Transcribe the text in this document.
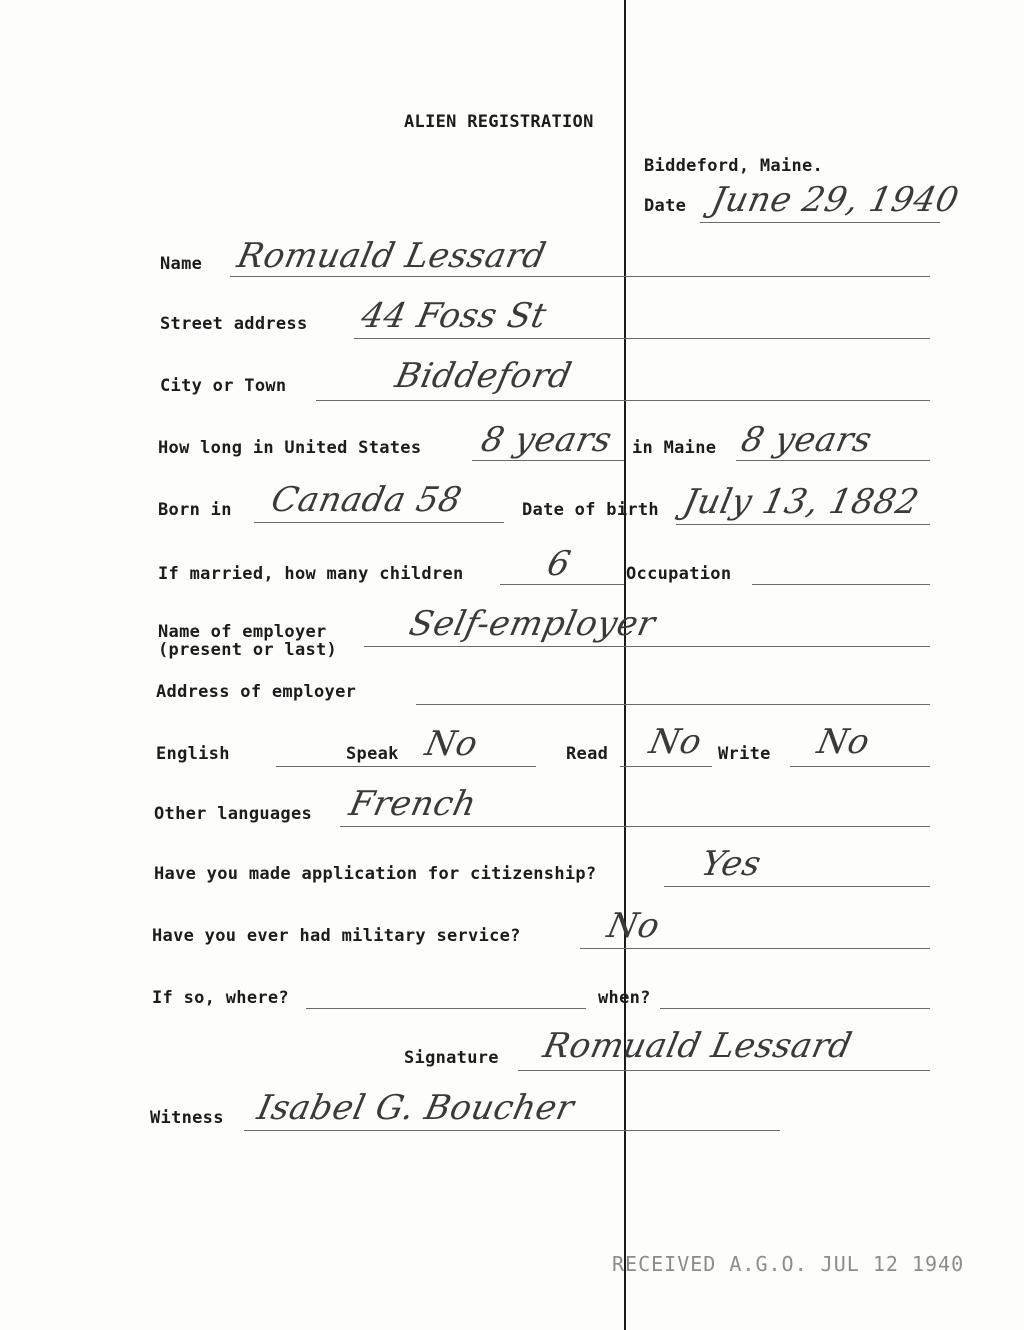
ALIEN REGISTRATION
Biddeford, Maine.
Date June 29, 1940
Name Romuald Lessard
Street address 44 Foss St
City or Town	Biddeford
How long in United States 8 years in Maine 8 years
Born in Canada 58	Date of birth July 13, 1882
If married, how many children 6	Occupation
Name of employer
(present or last)
Self-employer
Address of employer
English	Speak No	Read No Write No
Other languages French
Have you made application for citizenship?	Yes
Have you ever had military service? No
If so, where?	when?
Signature Romuald Lessard
Witness Isabel G. Boucher
RECEIVED A.G.O. JUL 12 1940
